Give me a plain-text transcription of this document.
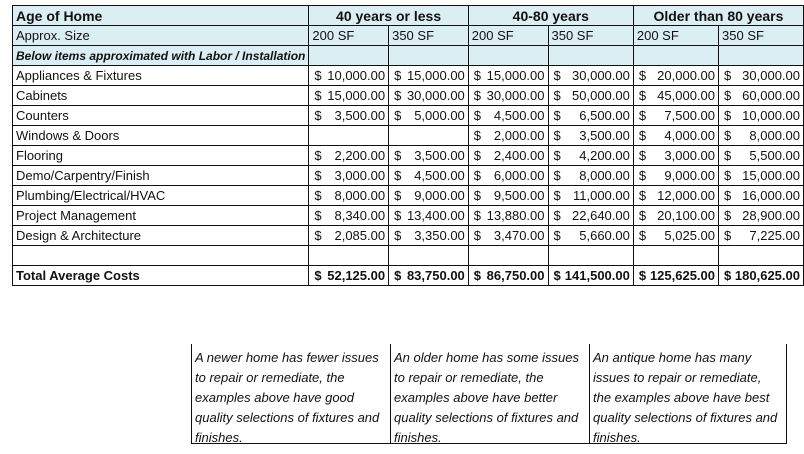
Age of Home	40 years or less		40-80 years		Older than 80 years	
Approx. Size	200 SF	350 SF	200 SF	350 SF	200 SF	350 SF
Below items approximated with Labor / Installation						
Appliances & Fixtures	$ 10,000.00	$ 15,000.00	$ 15,000.00	$ 30,000.00	$ 20,000.00	$ 30,000.00

Cabinets	$ 15,000.00	$ 30,000.00	$ 30,000.00	$ 50,000.00	$ 45,000.00	$ 60,000.00

Counters	$ 3,500.00	$ 5,000.00	$ 4,500.00	$ 6,500.00	$ 7,500.00	$ 10,000.00

Windows & Doors			$ 2,000.00	$ 3,500.00	$ 4,000.00	$ 8,000.00

Flooring	$ 2,200.00	$ 3,500.00	$ 2,400.00	$ 4,200.00	$ 3,000.00	$ 5,500.00

Demo/Carpentry/Finish	$ 3,000.00	$ 4,500.00	$ 6,000.00	$ 8,000.00	$ 9,000.00	$ 15,000.00

Plumbing/Electrical/HVAC	$ 8,000.00	$ 9,000.00	$ 9,500.00	$ 11,000.00	$ 12,000.00	$ 16,000.00

Project Management	$ 8,340.00	$ 13,400.00	$ 13,880.00	$ 22,640.00	$ 20,100.00	$ 28,900.00

Design & Architecture	$ 2,085.00	$ 3,350.00	$ 3,470.00	$ 5,660.00	$ 5,025.00	$ 7,225.00

Total Average Costs	$ 52,125.00	$ 83,750.00	$ 86,750.00	$ 141,500.00	$ 125,625.00	$ 180,625.00
A newer home has fewer issues to repair or remediate, the examples above have good quality selections of fixtures and finishes.
An older home has some issues to repair or remediate, the examples above have better quality selections of fixtures and finishes.
An antique home has many issues to repair or remediate, the examples above have best quality selections of fixtures and finishes.
